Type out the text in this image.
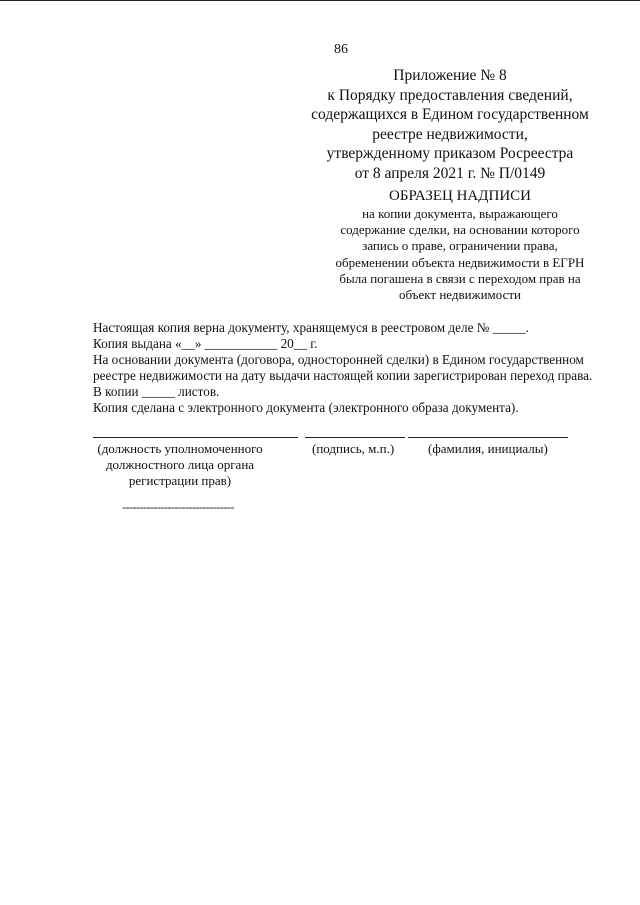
86
Приложение № 8
к Порядку предоставления сведений,
содержащихся в Едином государственном
реестре недвижимости,
утвержденному приказом Росреестра
от 8 апреля 2021 г. № П/0149
ОБРАЗЕЦ НАДПИСИ
на копии документа, выражающего
содержание сделки, на основании которого
запись о праве, ограничении права,
обременении объекта недвижимости в ЕГРН
была погашена в связи с переходом прав на
объект недвижимости
Настоящая копия верна документу, хранящемуся в реестровом деле № _____.
Копия выдана «__» ___________ 20__ г.
На основании документа (договора, односторонней сделки) в Едином государственном
реестре недвижимости на дату выдачи настоящей копии зарегистрирован переход права.
В копии _____ листов.
Копия сделана с электронного документа (электронного образа документа).
(должность уполномоченного
должностного лица органа
регистрации прав)
(подпись, м.п.)	(фамилия, инициалы)
--------------------------------
